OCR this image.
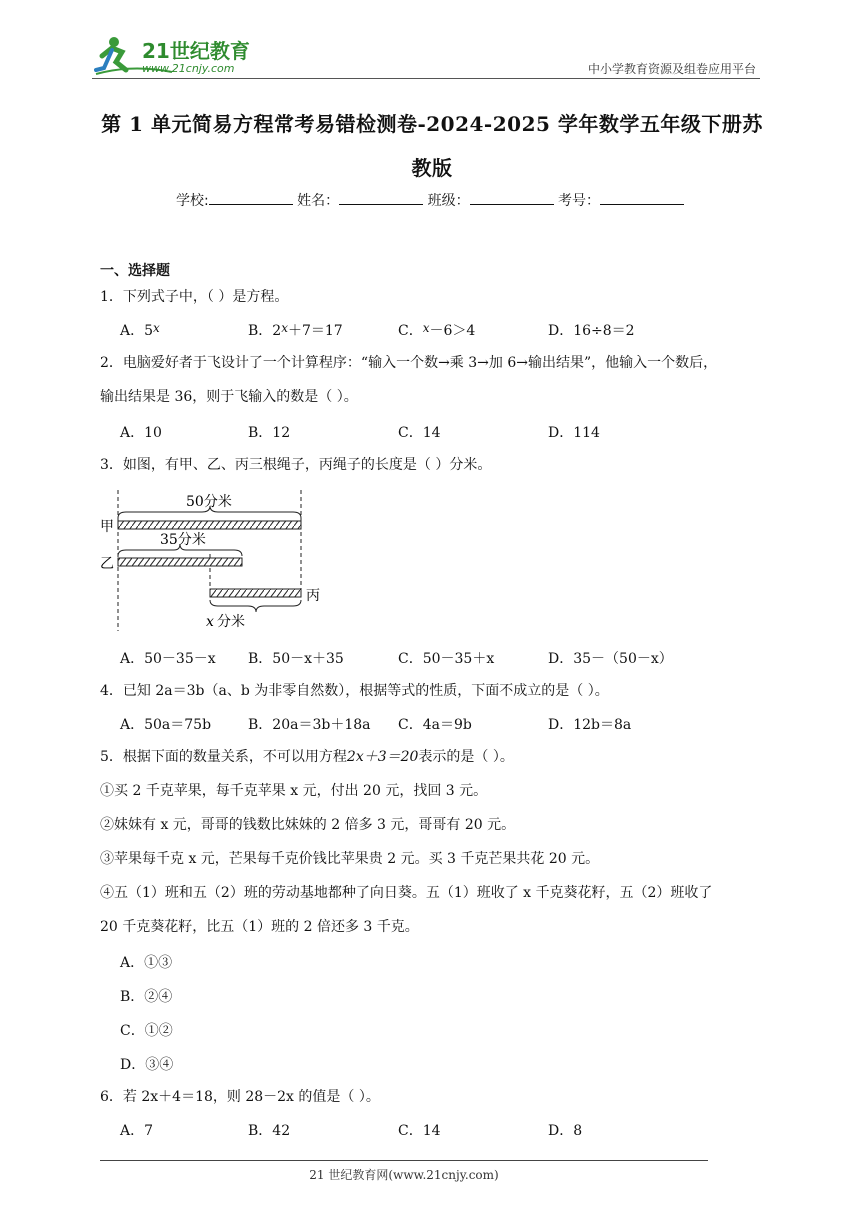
21世纪教育
www.21cnjy.com	中小学教育资源及组卷应用平台
第 1 单元简易方程常考易错检测卷-2024-2025 学年数学五年级下册苏
教版
学校:	姓名：	班级：	考号：
一、选择题
1．下列式子中，（ ）是方程。
A．5x	B．2x＋7＝17	C．x－6＞4	D．16÷8＝2
2．电脑爱好者于飞设计了一个计算程序：“输入一个数→乘 3→加 6→输出结果”，他输入一个数后，
输出结果是 36，则于飞输入的数是（ ）。
A．10	B．12	C．14	D．114
3．如图，有甲、乙、丙三根绳子，丙绳子的长度是（ ）分米。
50分米
甲
35分米
乙
丙
x 分米
A．50－35－x B．50－x＋35	C．50－35＋x	D．35－（50－x）
4．已知 2a＝3b（a、b 为非零自然数），根据等式的性质，下面不成立的是（ ）。
A．50a＝75b	B．20a＝3b＋18a C．4a＝9b	D．12b＝8a
5．根据下面的数量关系，不可以用方程2x＋3＝20表示的是（ ）。
①买 2 千克苹果，每千克苹果 x 元，付出 20 元，找回 3 元。
②妹妹有 x 元，哥哥的钱数比妹妹的 2 倍多 3 元，哥哥有 20 元。
③苹果每千克 x 元，芒果每千克价钱比苹果贵 2 元。买 3 千克芒果共花 20 元。
④五（1）班和五（2）班的劳动基地都种了向日葵。五（1）班收了 x 千克葵花籽，五（2）班收了
20 千克葵花籽，比五（1）班的 2 倍还多 3 千克。
A．①③
B．②④
C．①②
D．③④
6．若 2x＋4＝18，则 28－2x 的值是（ ）。
A．7	B．42	C．14	D．8
21 世纪教育网(www.21cnjy.com)
